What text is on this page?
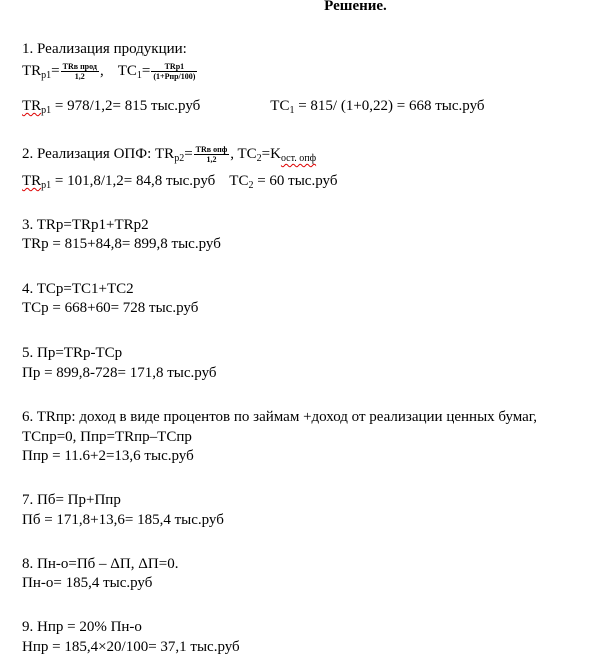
Решение.
1. Реализация продукции:
$TR_{p1}= \frac{\text{TRв прод}}{1,2}$ , $TC_1= \frac{\text{TRp1}}{\text{(1+Pпр/100)}}$
$TR_{p1} = 978/1,2= 815$ тыс.руб	$TC_1 = 815/$ (1+0,22) = 668 тыс.руб
2. Реализация ОПФ: $TR_{p2}= \frac{\text{TRв опф}}{1,2}$ , $TC_2=K_{ост. опф}$
$TR_{p1} = 101,8/1,2= 84,8$ тыс.руб $TC_2 = 60$ тыс.руб
3. TRр=TRр1+TRр2
TRр = 815+84,8= 899,8 тыс.руб
4. TCр=TC1+TC2
TCр = 668+60= 728 тыс.руб
5. Пр=TRр-TCр
Пр = 899,8-728= 171,8 тыс.руб
6. TRпр: доход в виде процентов по займам +доход от реализации ценных бумаг,
TCпр=0, Ппр=TRпр–TCпр
Ппр = 11.6+2=13,6 тыс.руб
7. Пб= Пр+Ппр
Пб = 171,8+13,6= 185,4 тыс.руб
8. Пн-о=Пб – ΔП, ΔП=0.
Пн-о= 185,4 тыс.руб
9. Нпр = 20% Пн-о
Нпр = 185,4×20/100= 37,1 тыс.руб
